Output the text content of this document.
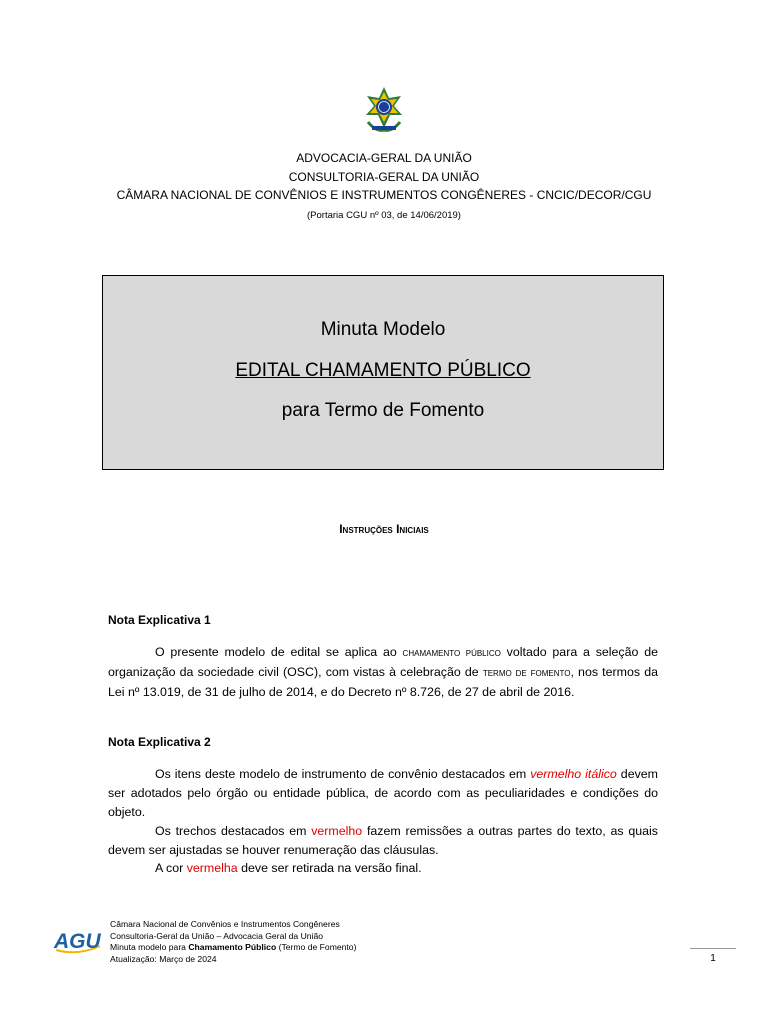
ADVOCACIA-GERAL DA UNIÃO
CONSULTORIA-GERAL DA UNIÃO
CÂMARA NACIONAL DE CONVÊNIOS E INSTRUMENTOS CONGÊNERES - CNCIC/DECOR/CGU
(Portaria CGU nº 03, de 14/06/2019)
Minuta Modelo
EDITAL CHAMAMENTO PÚBLICO
para Termo de Fomento
Instruções Iniciais
Nota Explicativa 1
O presente modelo de edital se aplica ao chamamento público voltado para a seleção de organização da sociedade civil (OSC), com vistas à celebração de termo de fomento, nos termos da Lei nº 13.019, de 31 de julho de 2014, e do Decreto nº 8.726, de 27 de abril de 2016.
Nota Explicativa 2
Os itens deste modelo de instrumento de convênio destacados em vermelho itálico devem ser adotados pelo órgão ou entidade pública, de acordo com as peculiaridades e condições do objeto.
Os trechos destacados em vermelho fazem remissões a outras partes do texto, as quais devem ser ajustadas se houver renumeração das cláusulas.
A cor vermelha deve ser retirada na versão final.
AGU
Câmara Nacional de Convênios e Instrumentos Congêneres
Consultoria-Geral da União – Advocacia Geral da União
Minuta modelo para Chamamento Público (Termo de Fomento)
Atualização: Março de 2024	1
